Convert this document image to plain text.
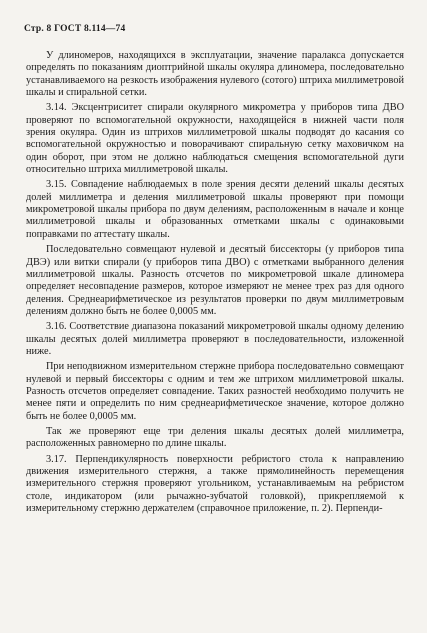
Стр. 8 ГОСТ 8.114—74

У длиномеров, находящихся в эксплуатации, значение паралакса допускается определять по показаниям диоптрийной шкалы окуляра длиномера, последовательно устанавливаемого на резкость изображения нулевого (сотого) штриха миллиметровой шкалы и спиральной сетки.

3.14. Эксцентриситет спирали окулярного микрометра у приборов типа ДВО проверяют по вспомогательной окружности, находящейся в нижней части поля зрения окуляра. Один из штрихов миллиметровой шкалы подводят до касания со вспомогательной окружностью и поворачивают спиральную сетку маховичком на один оборот, при этом не должно наблюдаться смещения вспомогательной дуги относительно штриха миллиметровой шкалы.

3.15. Совпадение наблюдаемых в поле зрения десяти делений шкалы десятых долей миллиметра и деления миллиметровой шкалы проверяют при помощи микрометровой шкалы прибора по двум делениям, расположенным в начале и конце миллиметровой шкалы и образованных отметками шкалы с одинаковыми поправками по аттестату шкалы.

Последовательно совмещают нулевой и десятый биссекторы (у приборов типа ДВЭ) или витки спирали (у приборов типа ДВО) с отметками выбранного деления миллиметровой шкалы. Разность отсчетов по микрометровой шкале длиномера определяет несовпадение размеров, которое измеряют не менее трех раз для одного деления. Среднеарифметическое из результатов проверки по двум миллиметровым делениям должно быть не более 0,0005 мм.

3.16. Соответствие диапазона показаний микрометровой шкалы одному делению шкалы десятых долей миллиметра проверяют в последовательности, изложенной ниже.

При неподвижном измерительном стержне прибора последовательно совмещают нулевой и первый биссекторы с одним и тем же штрихом миллиметровой шкалы. Разность отсчетов определяет совпадение. Таких разностей необходимо получить не менее пяти и определить по ним среднеарифметическое значение, которое должно быть не более 0,0005 мм.

Так же проверяют еще три деления шкалы десятых долей миллиметра, расположенных равномерно по длине шкалы.

3.17. Перпендикулярность поверхности ребристого стола к направлению движения измерительного стержня, а также прямолинейность перемещения измерительного стержня проверяют угольником, устанавливаемым на ребристом столе, индикатором (или рычажно-зубчатой головкой), прикрепляемой к измерительному стержню держателем (справочное приложение, п. 2). Перпенди-
